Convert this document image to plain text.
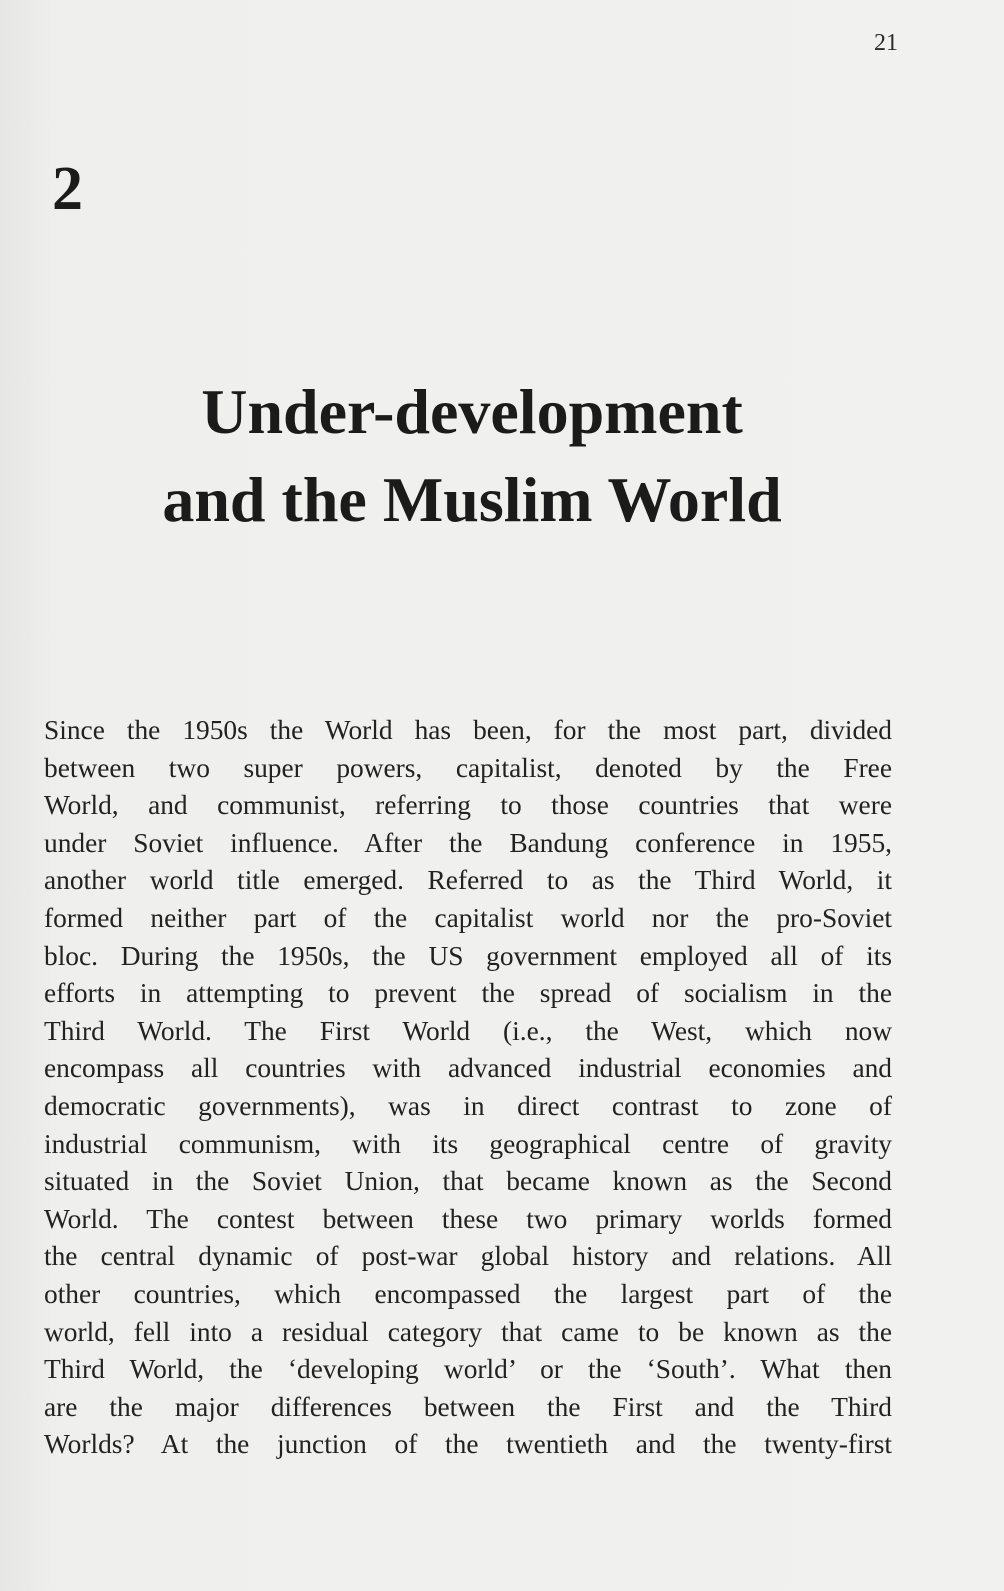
21
2
Under-development
and the Muslim World
Since the 1950s the World has been, for the most part, divided
between two super powers, capitalist, denoted by the Free
World, and communist, referring to those countries that were
under Soviet influence. After the Bandung conference in 1955,
another world title emerged. Referred to as the Third World, it
formed neither part of the capitalist world nor the pro-Soviet
bloc. During the 1950s, the US government employed all of its
efforts in attempting to prevent the spread of socialism in the
Third World. The First World (i.e., the West, which now
encompass all countries with advanced industrial economies and
democratic governments), was in direct contrast to zone of
industrial communism, with its geographical centre of gravity
situated in the Soviet Union, that became known as the Second
World. The contest between these two primary worlds formed
the central dynamic of post-war global history and relations. All
other countries, which encompassed the largest part of the
world, fell into a residual category that came to be known as the
Third World, the ‘developing world’ or the ‘South’. What then
are the major differences between the First and the Third
Worlds? At the junction of the twentieth and the twenty-first
